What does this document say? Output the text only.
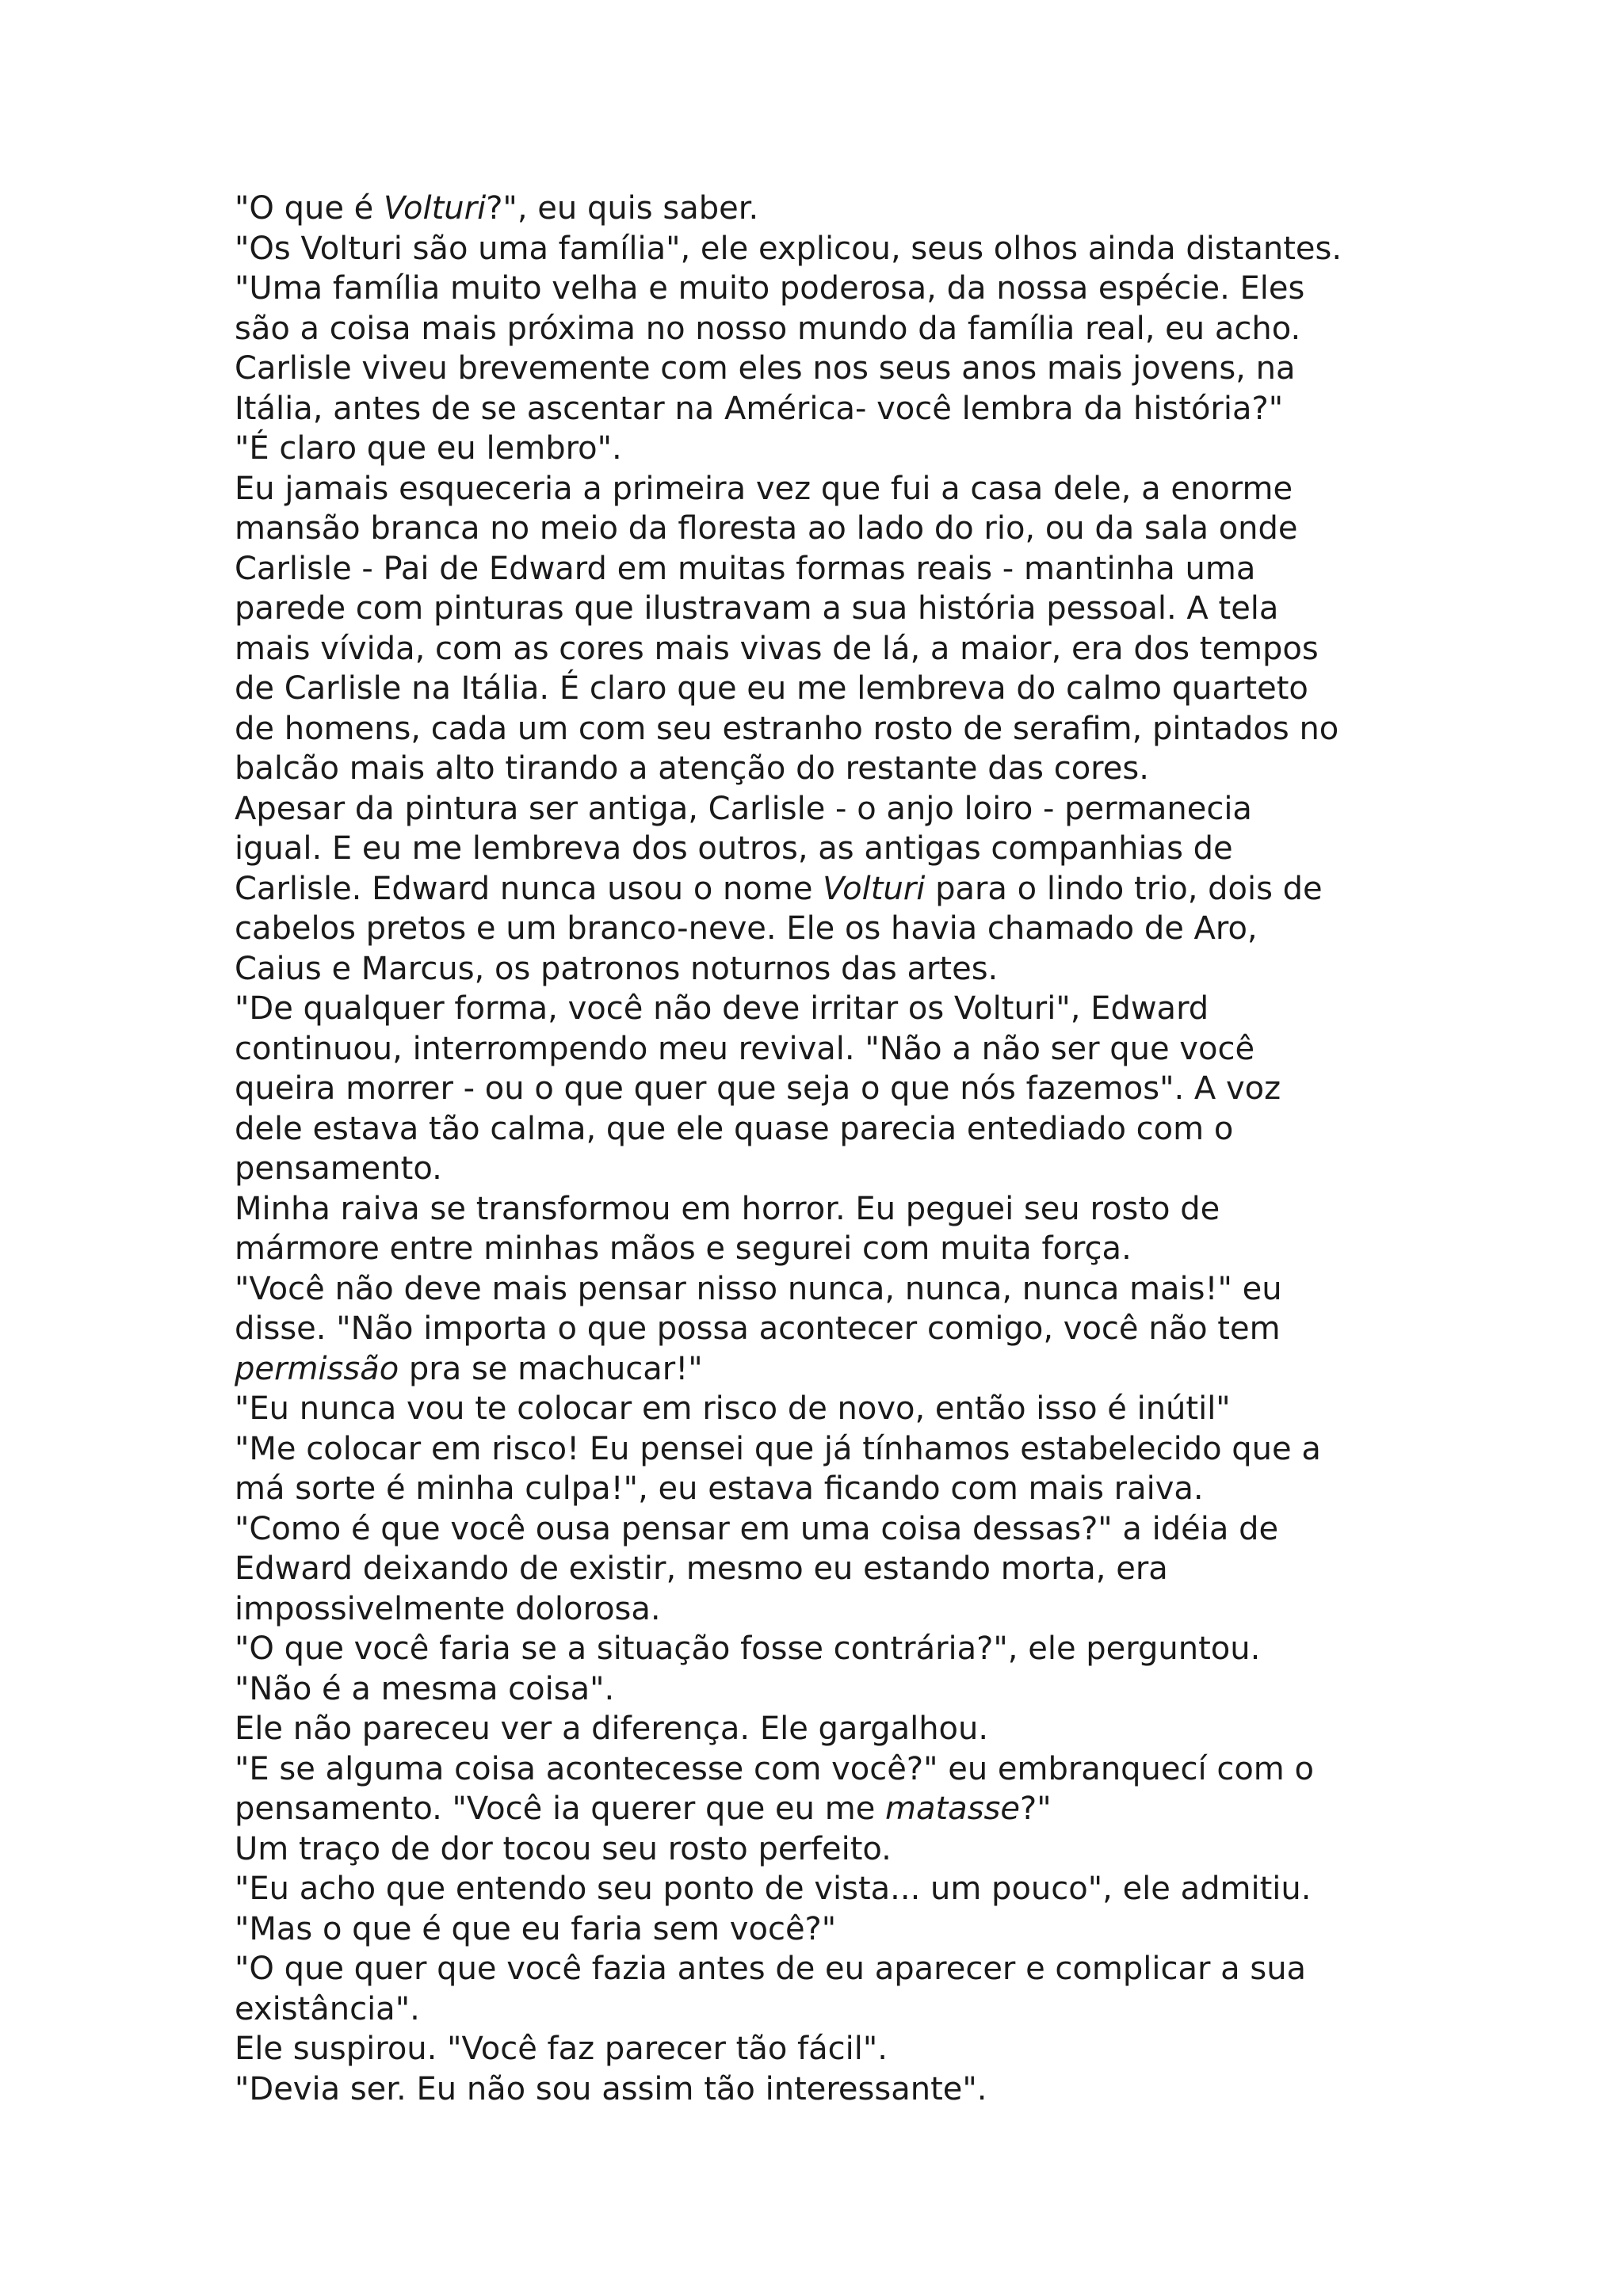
"O que é Volturi?", eu quis saber.
"Os Volturi são uma família", ele explicou, seus olhos ainda distantes.
"Uma família muito velha e muito poderosa, da nossa espécie. Eles
são a coisa mais próxima no nosso mundo da família real, eu acho.
Carlisle viveu brevemente com eles nos seus anos mais jovens, na
Itália, antes de se ascentar na América- você lembra da história?"
"É claro que eu lembro".
Eu jamais esqueceria a primeira vez que fui a casa dele, a enorme
mansão branca no meio da floresta ao lado do rio, ou da sala onde
Carlisle - Pai de Edward em muitas formas reais - mantinha uma
parede com pinturas que ilustravam a sua história pessoal. A tela
mais vívida, com as cores mais vivas de lá, a maior, era dos tempos
de Carlisle na Itália. É claro que eu me lembreva do calmo quarteto
de homens, cada um com seu estranho rosto de serafim, pintados no
balcão mais alto tirando a atenção do restante das cores.
Apesar da pintura ser antiga, Carlisle - o anjo loiro - permanecia
igual. E eu me lembreva dos outros, as antigas companhias de
Carlisle. Edward nunca usou o nome Volturi para o lindo trio, dois de
cabelos pretos e um branco-neve. Ele os havia chamado de Aro,
Caius e Marcus, os patronos noturnos das artes.
"De qualquer forma, você não deve irritar os Volturi", Edward
continuou, interrompendo meu revival. "Não a não ser que você
queira morrer - ou o que quer que seja o que nós fazemos". A voz
dele estava tão calma, que ele quase parecia entediado com o
pensamento.
Minha raiva se transformou em horror. Eu peguei seu rosto de
mármore entre minhas mãos e segurei com muita força.
"Você não deve mais pensar nisso nunca, nunca, nunca mais!" eu
disse. "Não importa o que possa acontecer comigo, você não tem
permissão pra se machucar!"
"Eu nunca vou te colocar em risco de novo, então isso é inútil"
"Me colocar em risco! Eu pensei que já tínhamos estabelecido que a
má sorte é minha culpa!", eu estava ficando com mais raiva.
"Como é que você ousa pensar em uma coisa dessas?" a idéia de
Edward deixando de existir, mesmo eu estando morta, era
impossivelmente dolorosa.
"O que você faria se a situação fosse contrária?", ele perguntou.
"Não é a mesma coisa".
Ele não pareceu ver a diferença. Ele gargalhou.
"E se alguma coisa acontecesse com você?" eu embranquecí com o
pensamento. "Você ia querer que eu me matasse?"
Um traço de dor tocou seu rosto perfeito.
"Eu acho que entendo seu ponto de vista... um pouco", ele admitiu.
"Mas o que é que eu faria sem você?"
"O que quer que você fazia antes de eu aparecer e complicar a sua
existância".
Ele suspirou. "Você faz parecer tão fácil".
"Devia ser. Eu não sou assim tão interessante".
